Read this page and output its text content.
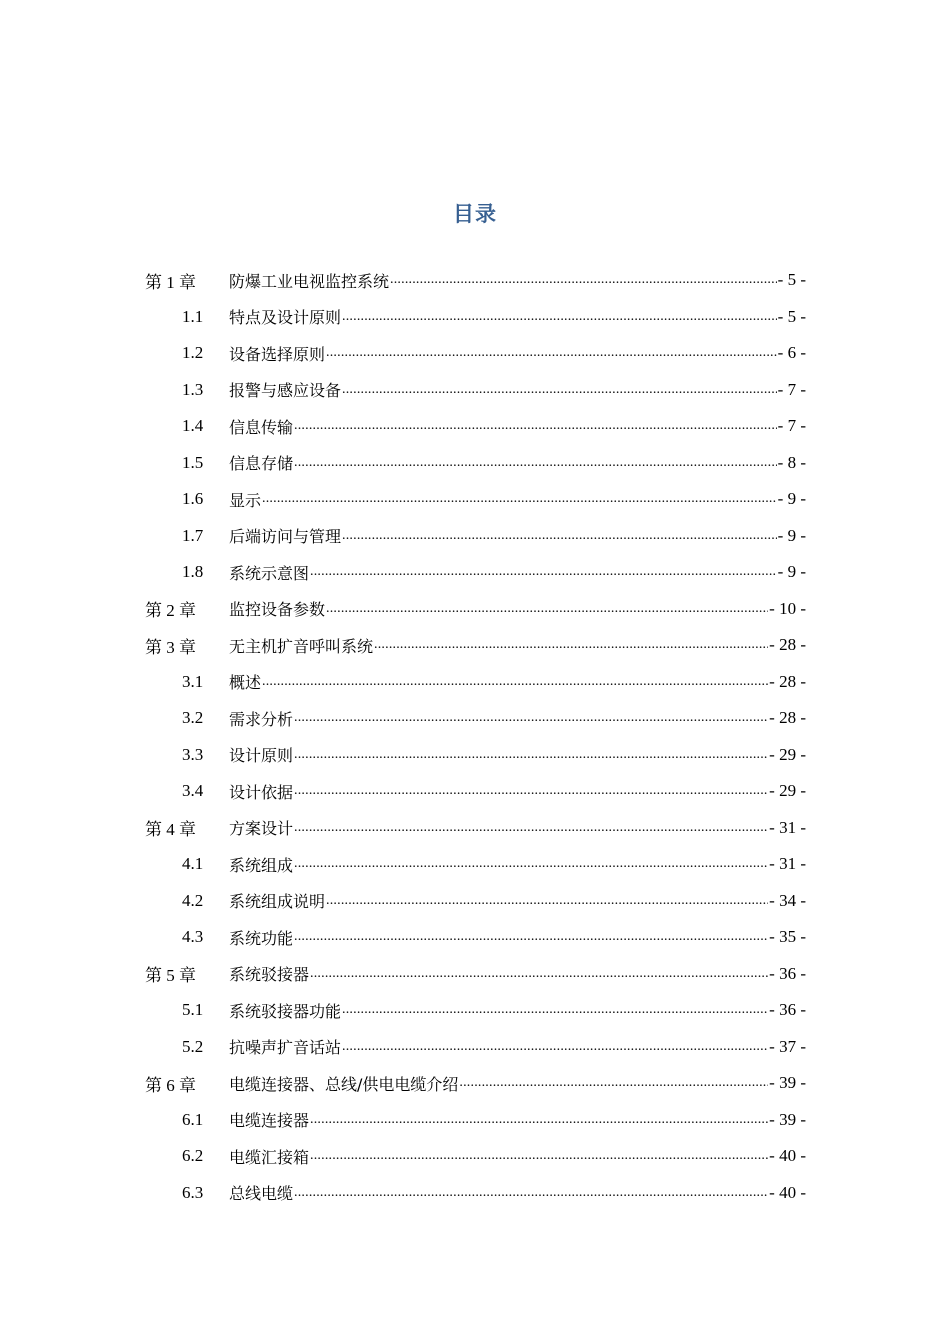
目录
第 1 章	防爆工业电视监控系统 .....	- 5 -
1.1	特点及设计原则 .....	- 5 -
1.2	设备选择原则 .....	- 6 -
1.3	报警与感应设备 .....	- 7 -
1.4	信息传输 .....	- 7 -
1.5	信息存储 .....	- 8 -
1.6	显示 .....	- 9 -
1.7	后端访问与管理 .....	- 9 -
1.8	系统示意图 .....	- 9 -
第 2 章	监控设备参数 .....	- 10 -
第 3 章	无主机扩音呼叫系统 .....	- 28 -
3.1	概述 .....	- 28 -
3.2	需求分析 .....	- 28 -
3.3	设计原则 .....	- 29 -
3.4	设计依据 .....	- 29 -
第 4 章	方案设计 .....	- 31 -
4.1	系统组成 .....	- 31 -
4.2	系统组成说明 .....	- 34 -
4.3	系统功能 .....	- 35 -
第 5 章	系统驳接器 .....	- 36 -
5.1	系统驳接器功能 .....	- 36 -
5.2	抗噪声扩音话站 .....	- 37 -
第 6 章	电缆连接器、总线/供电电缆介绍 .....	- 39 -
6.1	电缆连接器 .....	- 39 -
6.2	电缆汇接箱 .....	- 40 -
6.3	总线电缆 .....	- 40 -
